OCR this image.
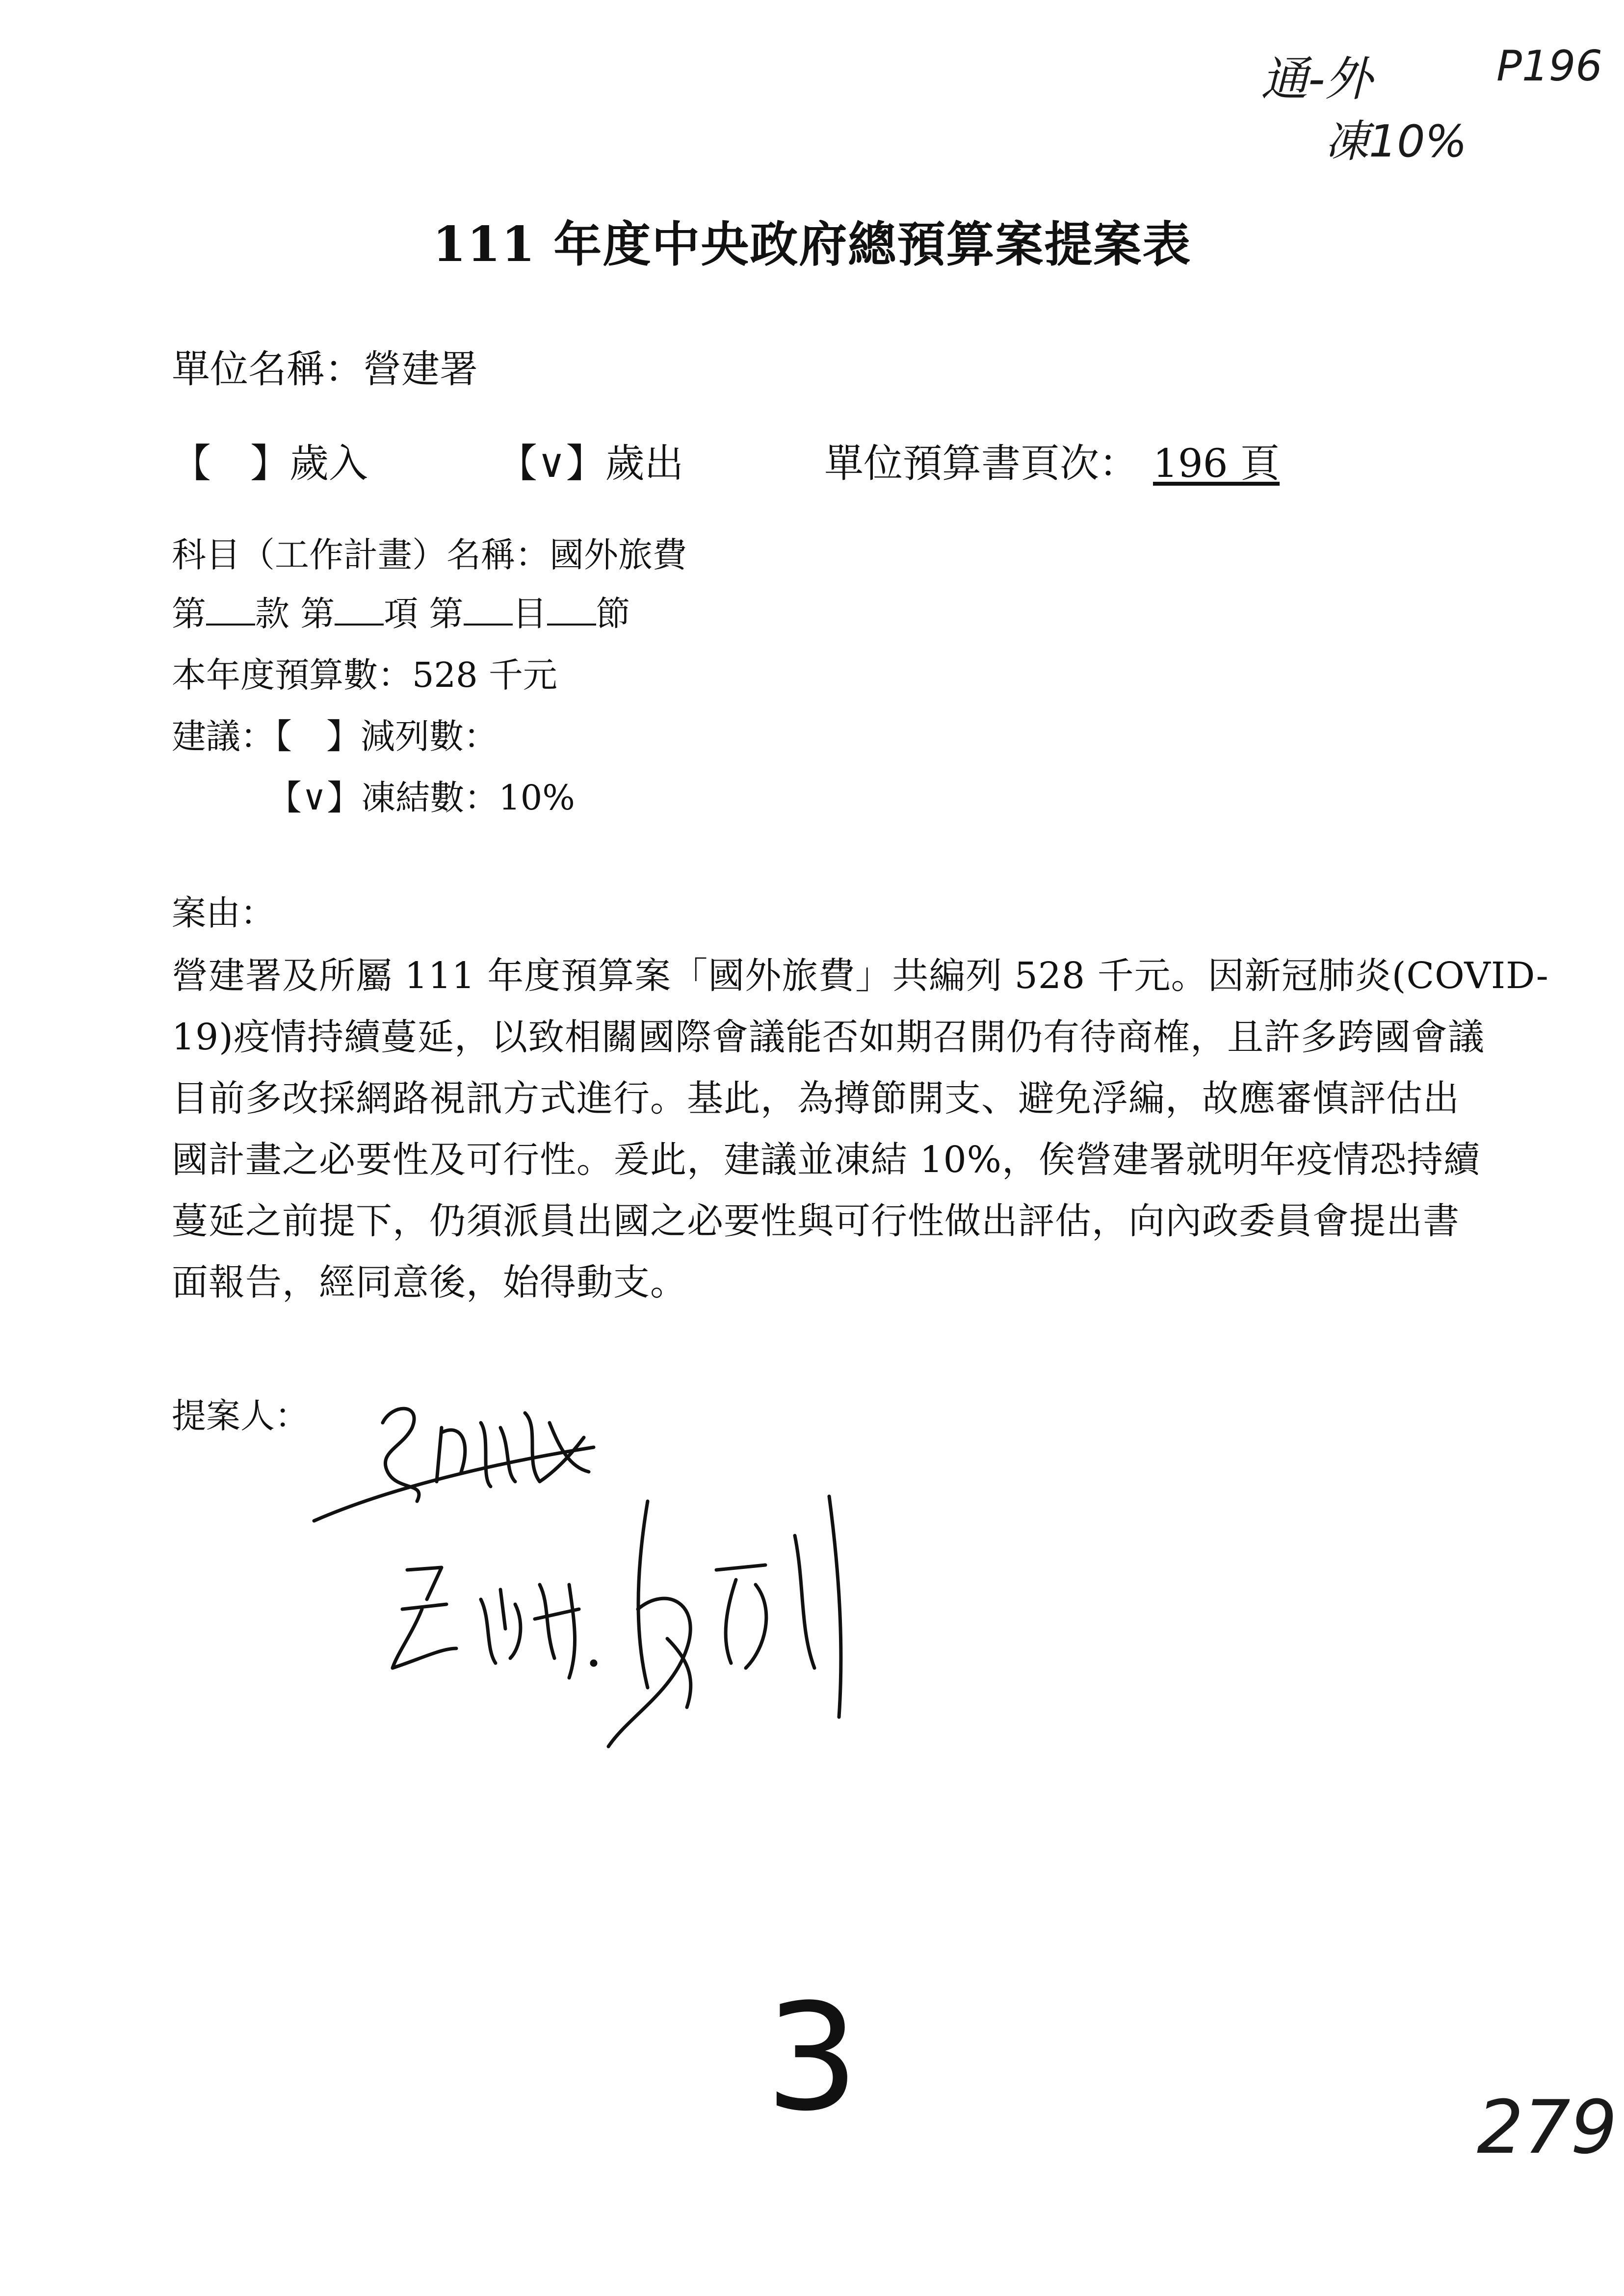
通-外	P196
凍10%
111 年度中央政府總預算案提案表
單位名稱：營建署
【　】歲入	【∨】歲出	單位預算書頁次： 196 頁
科目（工作計畫）名稱：國外旅費
第 款 第 項 第 目 節
本年度預算數：528 千元
建議：【　】減列數：
【∨】凍結數：10%
案由：
營建署及所屬 111 年度預算案「國外旅費」共編列 528 千元。因新冠肺炎(COVID-
19)疫情持續蔓延，以致相關國際會議能否如期召開仍有待商榷，且許多跨國會議
目前多改採網路視訊方式進行。基此，為撙節開支、避免浮編，故應審慎評估出
國計畫之必要性及可行性。爰此，建議並凍結 10%，俟營建署就明年疫情恐持續
蔓延之前提下，仍須派員出國之必要性與可行性做出評估，向內政委員會提出書
面報告，經同意後，始得動支。
提案人：
3	279
